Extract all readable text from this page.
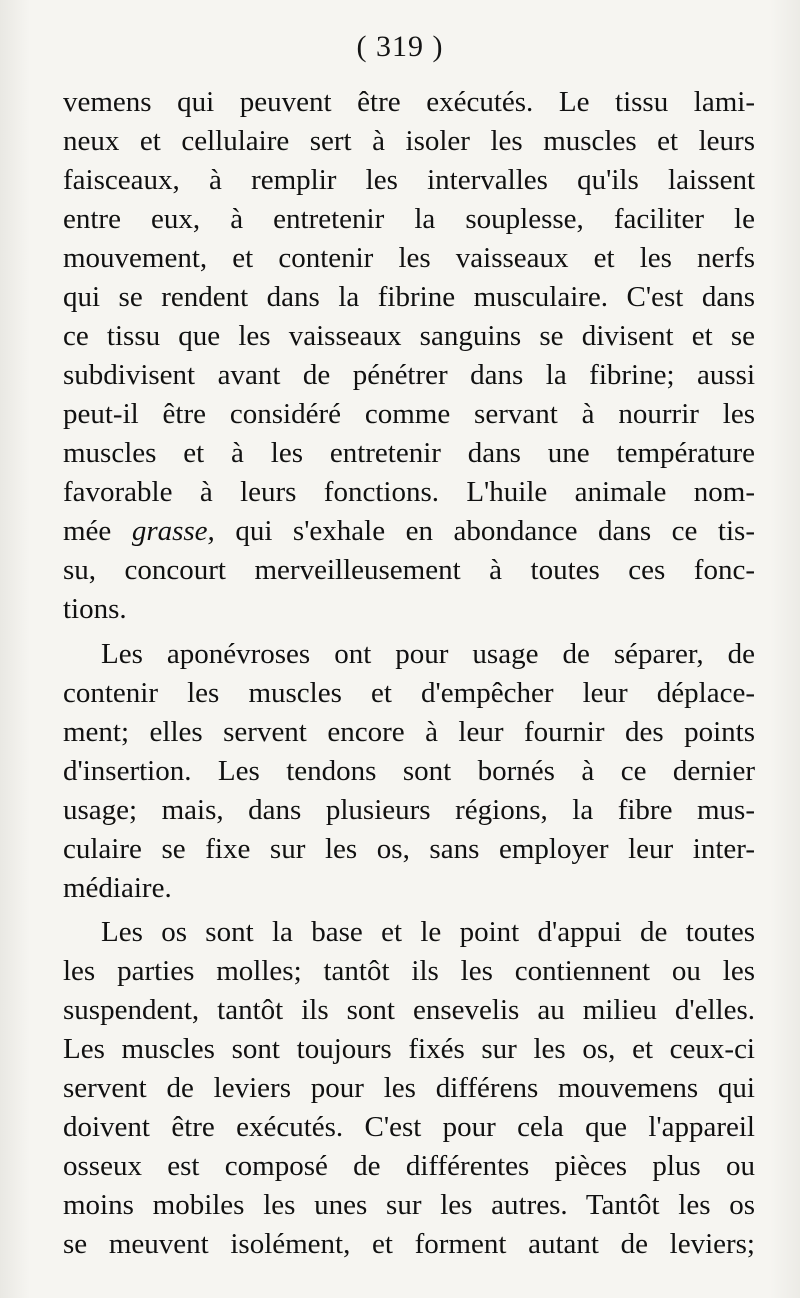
( 319 )
vemens qui peuvent être exécutés. Le tissu lami-
neux et cellulaire sert à isoler les muscles et leurs
faisceaux, à remplir les intervalles qu'ils laissent
entre eux, à entretenir la souplesse, faciliter le
mouvement, et contenir les vaisseaux et les nerfs
qui se rendent dans la fibrine musculaire. C'est dans
ce tissu que les vaisseaux sanguins se divisent et se
subdivisent avant de pénétrer dans la fibrine; aussi
peut-il être considéré comme servant à nourrir les
muscles et à les entretenir dans une température
favorable à leurs fonctions. L'huile animale nom-
mée grasse, qui s'exhale en abondance dans ce tis-
su, concourt merveilleusement à toutes ces fonc-
tions.
Les aponévroses ont pour usage de séparer, de
contenir les muscles et d'empêcher leur déplace-
ment; elles servent encore à leur fournir des points
d'insertion. Les tendons sont bornés à ce dernier
usage; mais, dans plusieurs régions, la fibre mus-
culaire se fixe sur les os, sans employer leur inter-
médiaire.
Les os sont la base et le point d'appui de toutes
les parties molles; tantôt ils les contiennent ou les
suspendent, tantôt ils sont ensevelis au milieu d'elles.
Les muscles sont toujours fixés sur les os, et ceux-ci
servent de leviers pour les différens mouvemens qui
doivent être exécutés. C'est pour cela que l'appareil
osseux est composé de différentes pièces plus ou
moins mobiles les unes sur les autres. Tantôt les os
se meuvent isolément, et forment autant de leviers;
